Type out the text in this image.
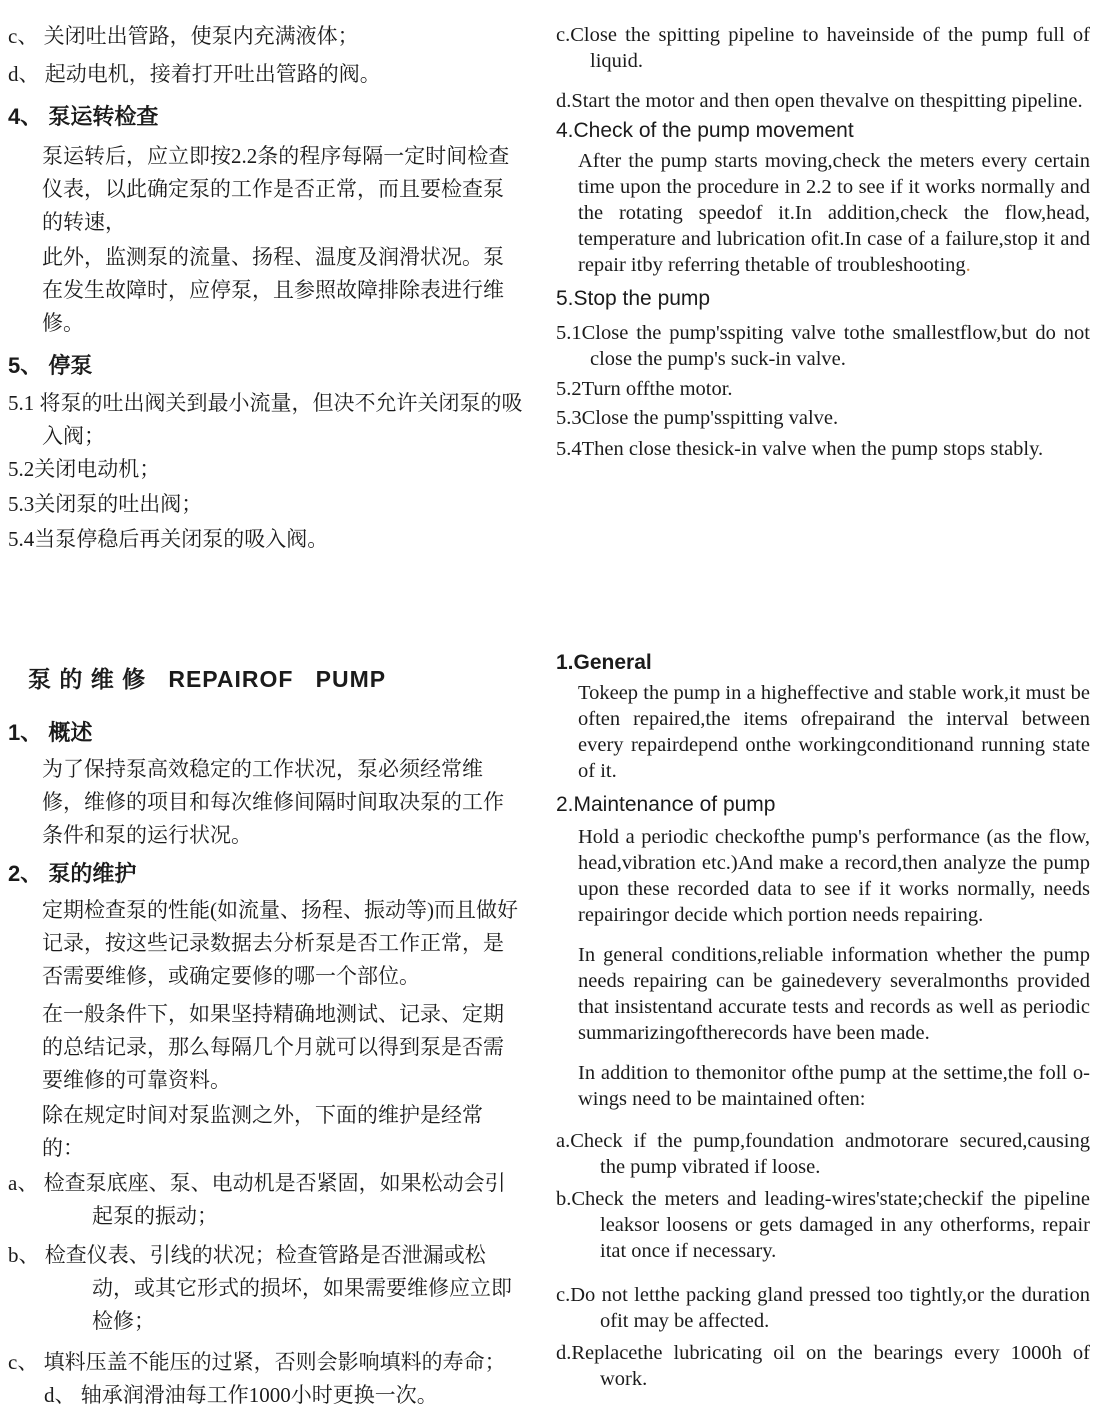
c、 关闭吐出管路，使泵内充满液体；

d、 起动电机，接着打开吐出管路的阀。

4、 泵运转检查

泵运转后，应立即按2.2条的程序每隔一定时间检查仪表，以此确定泵的工作是否正常，而且要检查泵的转速，

此外，监测泵的流量、扬程、温度及润滑状况。泵在发生故障时，应停泵，且参照故障排除表进行维修。

5、 停泵

5.1 将泵的吐出阀关到最小流量，但决不允许关闭泵的吸入阀；

5.2关闭电动机；

5.3关闭泵的吐出阀；

5.4当泵停稳后再关闭泵的吸入阀。

泵 的 维 修   REPAIROF   PUMP

1、 概述

为了保持泵高效稳定的工作状况，泵必须经常维修，维修的项目和每次维修间隔时间取决泵的工作条件和泵的运行状况。

2、 泵的维护

定期检查泵的性能(如流量、扬程、振动等)而且做好记录，按这些记录数据去分析泵是否工作正常，是否需要维修，或确定要修的哪一个部位。

在一般条件下，如果坚持精确地测试、记录、定期的总结记录，那么每隔几个月就可以得到泵是否需要维修的可靠资料。

除在规定时间对泵监测之外，下面的维护是经常的：

a、 检查泵底座、泵、电动机是否紧固，如果松动会引起泵的振动；

b、 检查仪表、引线的状况；检查管路是否泄漏或松动，或其它形式的损坏，如果需要维修应立即检修；

c、 填料压盖不能压的过紧，否则会影响填料的寿命；

d、 轴承润滑油每工作1000小时更换一次。

c.Close the spitting pipeline to haveinside of the pump full of liquid.

d.Start the motor and then open thevalve on thespitting pipeline.

4.Check of the pump movement

After the pump starts moving,check the meters every certain time upon the procedure in 2.2 to see if it works normally and the rotating speedof it.In addition,check the flow,head, temperature and lubrication ofit.In case of a failure,stop it and repair itby referring thetable of troubleshooting.

5.Stop the pump

5.1Close the pump'sspiting valve tothe smallestflow,but do not close the pump's suck-in valve.

5.2Turn offthe motor.

5.3Close the pump'sspitting valve.

5.4Then close thesick-in valve when the pump stops stably.

1.General

Tokeep the pump in a higheffective and stable work,it must be often repaired,the items ofrepairand the interval between every repairdepend onthe workingconditionand running state of it.

2.Maintenance of pump

Hold a periodic checkofthe pump's performance (as the flow, head,vibration etc.)And make a record,then analyze the pump upon these recorded data to see if it works normally, needs repairingor decide which portion needs repairing.

In general conditions,reliable information whether the pump needs repairing can be gainedevery severalmonths provided that insistentand accurate tests and records as well as periodic summarizingoftherecords have been made.

In addition to themonitor ofthe pump at the settime,the foll o-wings need to be maintained often:

a.Check if the pump,foundation andmotorare secured,causing the pump vibrated if loose.

b.Check the meters and leading-wires'state;checkif the pipeline leaksor loosens or gets damaged in any otherforms, repair itat once if necessary.

c.Do not letthe packing gland pressed too tightly,or the duration ofit may be affected.

d.Replacethe lubricating oil on the bearings every 1000h of work.
